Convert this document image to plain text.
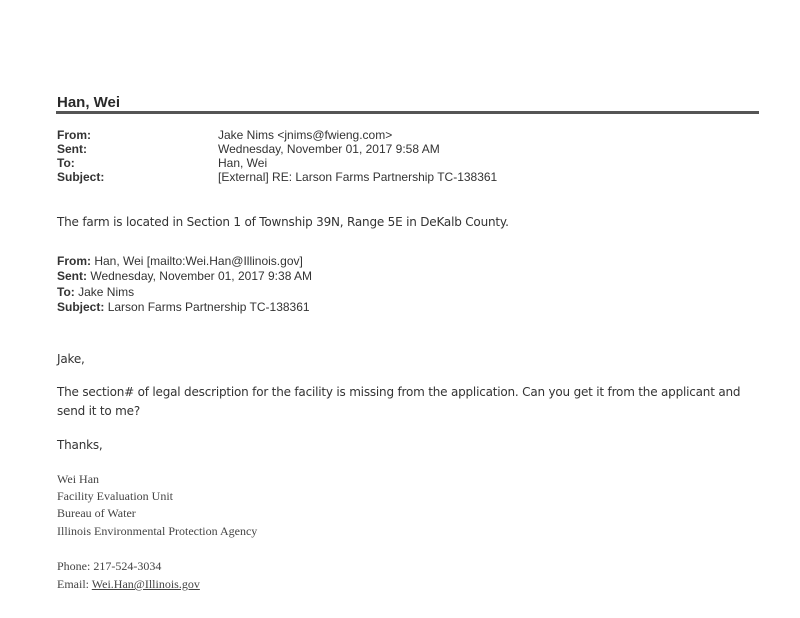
Han, Wei
From:	Jake Nims <jnims@fwieng.com>
Sent:	Wednesday, November 01, 2017 9:58 AM
To:	Han, Wei
Subject:	[External] RE: Larson Farms Partnership TC-138361
The farm is located in Section 1 of Township 39N, Range 5E in DeKalb County.
From: Han, Wei [mailto:Wei.Han@Illinois.gov]
Sent: Wednesday, November 01, 2017 9:38 AM
To: Jake Nims
Subject: Larson Farms Partnership TC-138361
Jake,
The section# of legal description for the facility is missing from the application. Can you get it from the applicant and
send it to me?
Thanks,
Wei Han
Facility Evaluation Unit
Bureau of Water
Illinois Environmental Protection Agency
Phone: 217-524-3034
Email: Wei.Han@Illinois.gov
